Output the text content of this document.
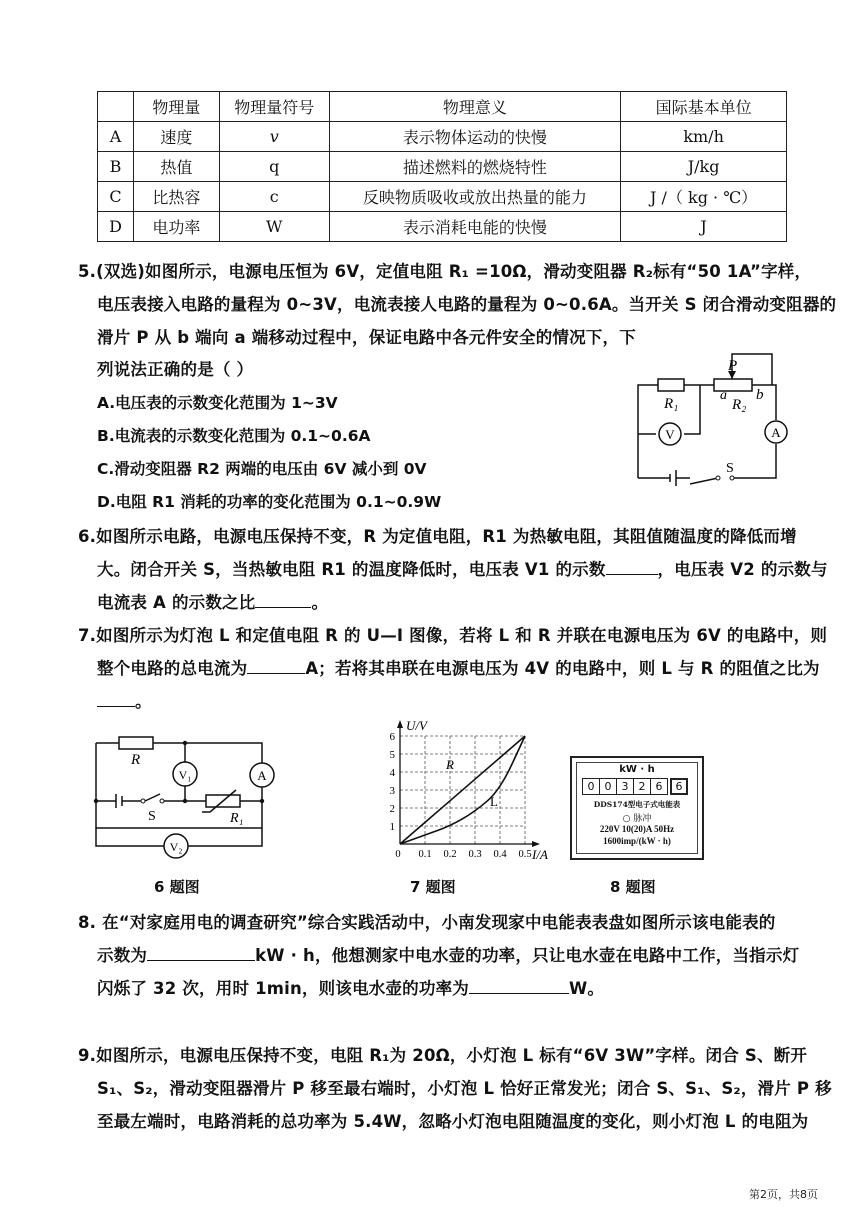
	物理量	物理量符号	物理意义	国际基本单位
A	速度	v	表示物体运动的快慢	km/h
B	热值	q	描述燃料的燃烧特性	J/kg
C	比热容	c	反映物质吸收或放出热量的能力	J /（ kg · ℃）
D	电功率	W	表示消耗电能的快慢	J
5.(双选)如图所示，电源电压恒为 6V，定值电阻 R₁ =10Ω，滑动变阻器 R₂标有“50 1A”字样，
电压表接入电路的量程为 0~3V，电流表接人电路的量程为 0~0.6A。当开关 S 闭合滑动变阻器的
滑片 P 从 b 端向 a 端移动过程中，保证电路中各元件安全的情况下，下
列说法正确的是（ ）
A.电压表的示数变化范围为 1~3V
B.电流表的示数变化范围为 0.1~0.6A
C.滑动变阻器 R2 两端的电压由 6V 减小到 0V
D.电阻 R1 消耗的功率的变化范围为 0.1~0.9W
P
R₁
a
R₂
b
V	A
S
6.如图所示电路，电源电压保持不变，R 为定值电阻，R1 为热敏电阻，其阻值随温度的降低而增
大。闭合开关 S，当热敏电阻 R1 的温度降低时，电压表 V1 的示数	，电压表 V2 的示数与
电流表 A 的示数之比	。
7.如图所示为灯泡 L 和定值电阻 R 的 U—I 图像，若将 L 和 R 并联在电源电压为 6V 的电路中，则
整个电路的总电流为	A；若将其串联在电源电压为 4V 的电路中，则 L 与 R 的阻值之比为
。
R
V₁	A
S	R₁
V₂
6 题图
1
2
3
4
5
6
0 0.1 0.2 0.3 0.4 0.5
U/V
I/A
R
L
7 题图
kW · h
0 0 3 2 6	6
DDS174型电子式电能表
○ 脉冲
220V 10(20)A 50Hz
1600imp/(kW · h)
8 题图
8. 在“对家庭用电的调查研究”综合实践活动中，小南发现家中电能表表盘如图所示该电能表的
示数为	kW · h，他想测家中电水壶的功率，只让电水壶在电路中工作，当指示灯
闪烁了 32 次，用时 1min，则该电水壶的功率为	W。
9.如图所示，电源电压保持不变，电阻 R₁为 20Ω，小灯泡 L 标有“6V 3W”字样。闭合 S、断开
S₁、S₂，滑动变阻器滑片 P 移至最右端时，小灯泡 L 恰好正常发光；闭合 S、S₁、S₂，滑片 P 移
至最左端时，电路消耗的总功率为 5.4W，忽略小灯泡电阻随温度的变化，则小灯泡 L 的电阻为
第2页，共8页
